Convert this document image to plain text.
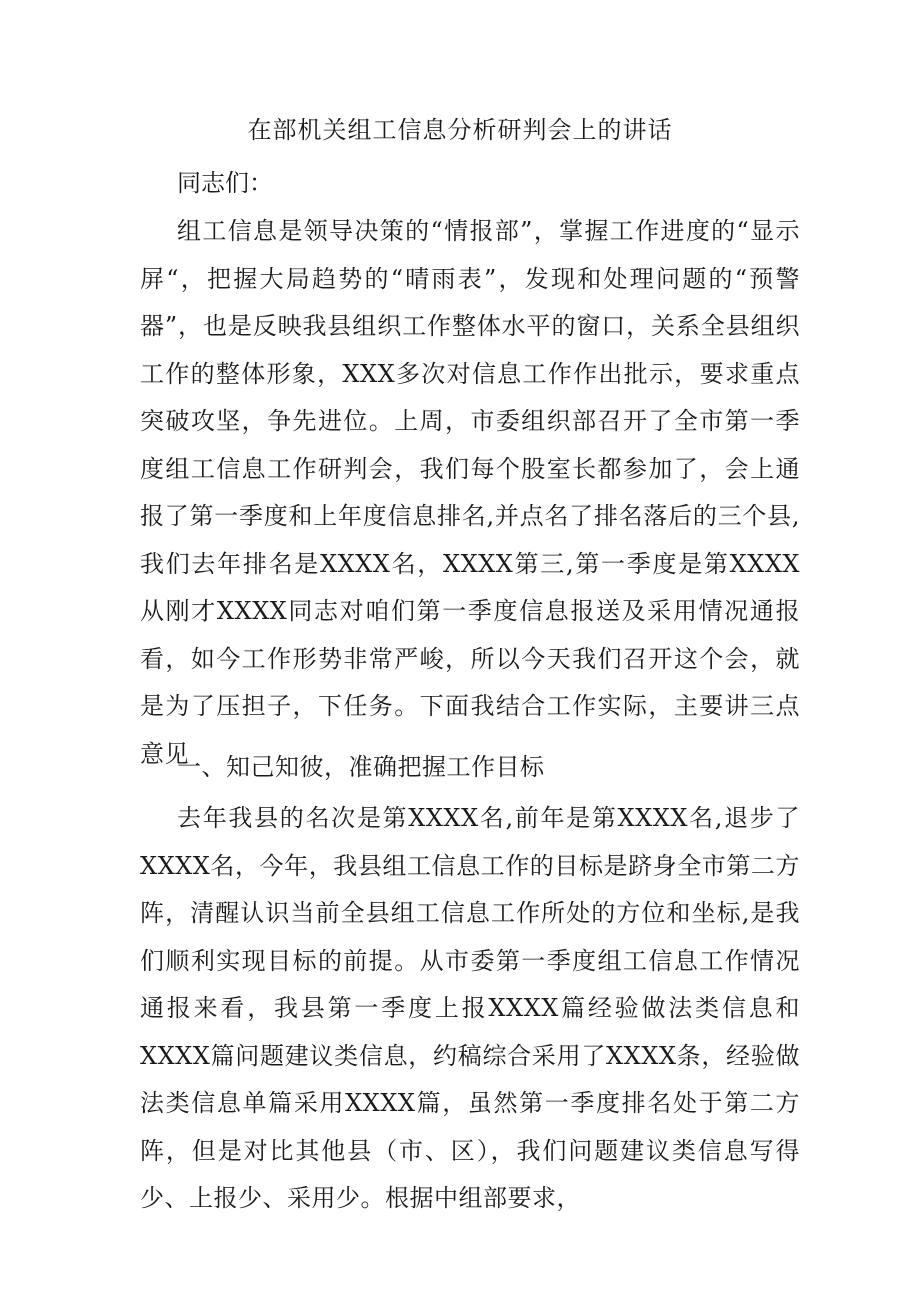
在部机关组工信息分析研判会上的讲话

同志们：

组工信息是领导决策的“情报部”，掌握工作进度的“显示屏“，把握大局趋势的“晴雨表”，发现和处理问题的“预警器”，也是反映我县组织工作整体水平的窗口，关系全县组织工作的整体形象，XXX多次对信息工作作出批示，要求重点突破攻坚，争先进位。上周，市委组织部召开了全市第一季度组工信息工作研判会，我们每个股室长都参加了，会上通报了第一季度和上年度信息排名,并点名了排名落后的三个县,我们去年排名是XXXX名，XXXX第三,第一季度是第XXXX从刚才XXXX同志对咱们第一季度信息报送及采用情况通报看，如今工作形势非常严峻，所以今天我们召开这个会，就是为了压担子，下任务。下面我结合工作实际，主要讲三点意见

一、知己知彼，准确把握工作目标

去年我县的名次是第XXXX名,前年是第XXXX名,退步了XXXX名，今年，我县组工信息工作的目标是跻身全市第二方阵，清醒认识当前全县组工信息工作所处的方位和坐标,是我们顺利实现目标的前提。从市委第一季度组工信息工作情况通报来看，我县第一季度上报XXXX篇经验做法类信息和XXXX篇问题建议类信息，约稿综合采用了XXXX条，经验做法类信息单篇采用XXXX篇，虽然第一季度排名处于第二方阵，但是对比其他县（市、区），我们问题建议类信息写得少、上报少、采用少。根据中组部要求，
